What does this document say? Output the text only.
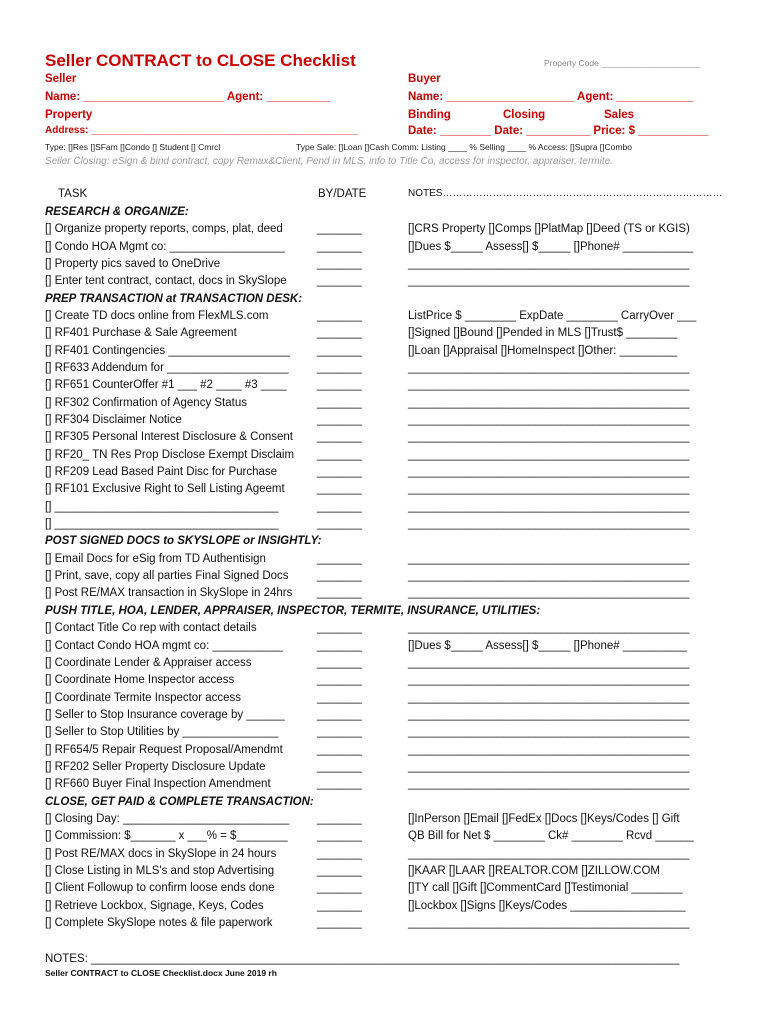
Seller CONTRACT to CLOSE Checklist	Property Code _____________________
Seller
Name: ______________________ Agent: __________
Property
Address: ________________________________________________
Buyer
Name: ____________________ Agent: ____________
Binding	Closing	Sales
Date: ________ Date: __________ Price: $ ___________
Type: []Res []SFam []Condo [] Student [] Cmrcl	Type Sale: []Loan []Cash Comm: Listing ____ % Selling ____ % Access: []Supra []Combo
Seller Closing: eSign & bind contract, copy Remax&Client, Pend in MLS, info to Title Co, access for inspector, appraiser, termite.
TASK	BY/DATE	NOTES…………………………………………………………………………
RESEARCH & ORGANIZE:
[] Organize property reports, comps, plat, deed	_______	[]CRS Property []Comps []PlatMap []Deed (TS or KGIS)
[] Condo HOA Mgmt co: __________________	_______	[]Dues $_____ Assess[] $_____ []Phone# ___________
[] Property pics saved to OneDrive	_______	____________________________________________
[] Enter tent contract, contact, docs in SkySlope	_______	____________________________________________
PREP TRANSACTION at TRANSACTION DESK:
[] Create TD docs online from FlexMLS.com	_______	ListPrice $ ________ ExpDate ________ CarryOver ___
[] RF401 Purchase & Sale Agreement	_______	[]Signed []Bound []Pended in MLS []Trust$ ________
[] RF401 Contingencies ___________________ _______	[]Loan []Appraisal []HomeInspect []Other: _________
[] RF633 Addendum for ___________________ _______	____________________________________________
[] RF651 CounterOffer #1 ___ #2 ____ #3 ____	_______	____________________________________________
[] RF302 Confirmation of Agency Status	_______	____________________________________________
[] RF304 Disclaimer Notice	_______	____________________________________________
[] RF305 Personal Interest Disclosure & Consent _______	____________________________________________
[] RF20_ TN Res Prop Disclose Exempt Disclaim _______	____________________________________________
[] RF209 Lead Based Paint Disc for Purchase	_______	____________________________________________
[] RF101 Exclusive Right to Sell Listing Ageemt	_______	____________________________________________
[] ___________________________________	_______	____________________________________________
[] ___________________________________	_______	____________________________________________
POST SIGNED DOCS to SKYSLOPE or INSIGHTLY:
[] Email Docs for eSig from TD Authentisign	_______	____________________________________________
[] Print, save, copy all parties Final Signed Docs _______	____________________________________________
[] Post RE/MAX transaction in SkySlope in 24hrs _______	____________________________________________
PUSH TITLE, HOA, LENDER, APPRAISER, INSPECTOR, TERMITE, INSURANCE, UTILITIES:
[] Contact Title Co rep with contact details	_______	____________________________________________
[] Contact Condo HOA mgmt co: ___________	_______	[]Dues $_____ Assess[] $_____ []Phone# __________
[] Coordinate Lender & Appraiser access	_______	____________________________________________
[] Coordinate Home Inspector access	_______	____________________________________________
[] Coordinate Termite Inspector access	_______	____________________________________________
[] Seller to Stop Insurance coverage by ______	_______	____________________________________________
[] Seller to Stop Utilities by _______________	_______	____________________________________________
[] RF654/5 Repair Request Proposal/Amendmt	_______	____________________________________________
[] RF202 Seller Property Disclosure Update	_______	____________________________________________
[] RF660 Buyer Final Inspection Amendment	_______	____________________________________________
CLOSE, GET PAID & COMPLETE TRANSACTION:
[] Closing Day: __________________________ _______	[]InPerson []Email []FedEx []Docs []Keys/Codes [] Gift
[] Commission: $_______ x ___% = $________	_______	QB Bill for Net $ ________ Ck# ________ Rcvd ______
[] Post RE/MAX docs in SkySlope in 24 hours	_______	____________________________________________
[] Close Listing in MLS's and stop Advertising	_______	[]KAAR []LAAR []REALTOR.COM []ZILLOW.COM
[] Client Followup to confirm loose ends done	_______	[]TY call []Gift []CommentCard []Testimonial ________
[] Retrieve Lockbox, Signage, Keys, Codes	_______	[]Lockbox []Signs []Keys/Codes __________________
[] Complete SkySlope notes & file paperwork	_______	____________________________________________
NOTES: ____________________________________________________________________________________________
Seller CONTRACT to CLOSE Checklist.docx June 2019 rh
